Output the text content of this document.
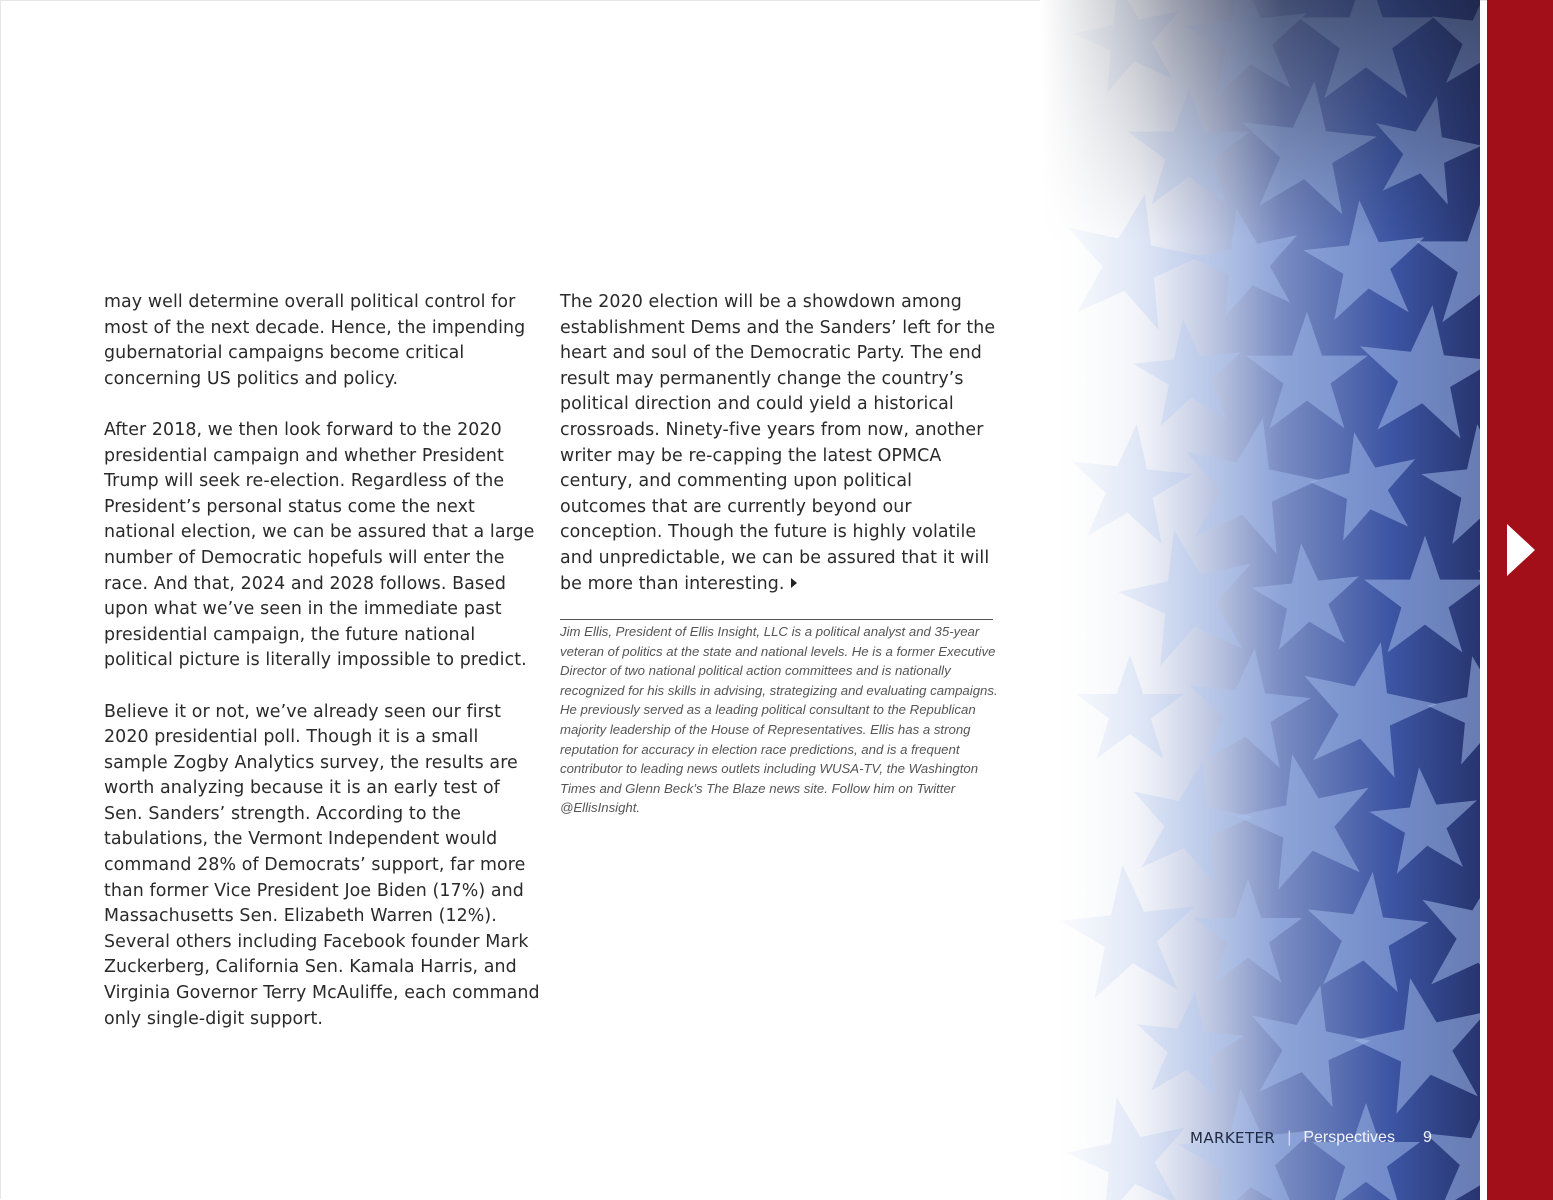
may well determine overall political control for most of the next decade. Hence, the impending gubernatorial campaigns become critical concerning US politics and policy.

After 2018, we then look forward to the 2020 presidential campaign and whether President Trump will seek re-election. Regardless of the President’s personal status come the next national election, we can be assured that a large number of Democratic hopefuls will enter the race. And that, 2024 and 2028 follows. Based upon what we’ve seen in the immediate past presidential campaign, the future national political picture is literally impossible to predict.

Believe it or not, we’ve already seen our first 2020 presidential poll. Though it is a small sample Zogby Analytics survey, the results are worth analyzing because it is an early test of Sen. Sanders’ strength. According to the tabulations, the Vermont Independent would command 28% of Democrats’ support, far more than former Vice President Joe Biden (17%) and Massachusetts Sen. Elizabeth Warren (12%). Several others including Facebook founder Mark Zuckerberg, California Sen. Kamala Harris, and Virginia Governor Terry McAuliffe, each command only single-digit support.

The 2020 election will be a showdown among establishment Dems and the Sanders’ left for the heart and soul of the Democratic Party. The end result may permanently change the country’s political direction and could yield a historical crossroads. Ninety-five years from now, another writer may be re-capping the latest OPMCA century, and commenting upon political outcomes that are currently beyond our conception. Though the future is highly volatile and unpredictable, we can be assured that it will be more than interesting.

Jim Ellis, President of Ellis Insight, LLC is a political analyst and 35-year veteran of politics at the state and national levels. He is a former Executive Director of two national political action committees and is nationally recognized for his skills in advising, strategizing and evaluating campaigns. He previously served as a leading political consultant to the Republican majority leadership of the House of Representatives. Ellis has a strong reputation for accuracy in election race predictions, and is a frequent contributor to leading news outlets including WUSA-TV, the Washington Times and Glenn Beck’s The Blaze news site. Follow him on Twitter @EllisInsight.
MARKETER | Perspectives 9
